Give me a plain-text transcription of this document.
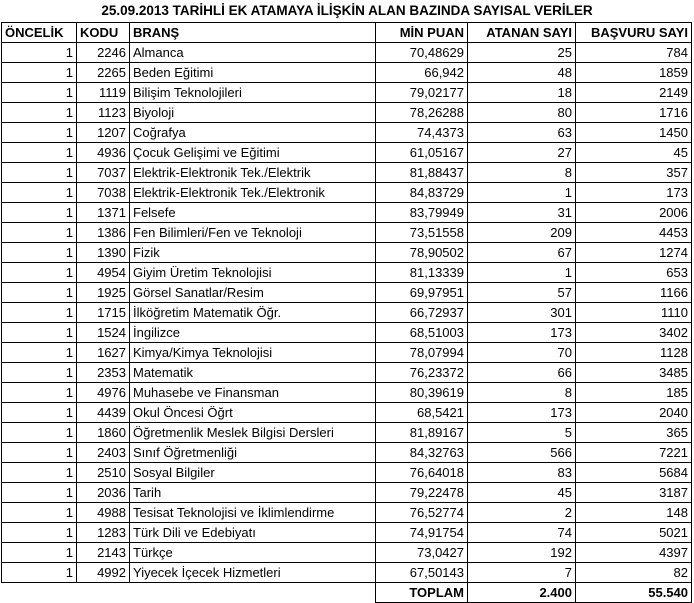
25.09.2013 TARİHLİ EK ATAMAYA İLİŞKİN ALAN BAZINDA SAYISAL VERİLER
ÖNCELİK	KODU	BRANŞ	MİN PUAN	ATANAN SAYI	BAŞVURU SAYI
1	2246	Almanca	70,48629	25	784
1	2265	Beden Eğitimi	66,942	48	1859
1	1119	Bilişim Teknolojileri	79,02177	18	2149
1	1123	Biyoloji	78,26288	80	1716
1	1207	Coğrafya	74,4373	63	1450
1	4936	Çocuk Gelişimi ve Eğitimi	61,05167	27	45
1	7037	Elektrik-Elektronik Tek./Elektrik	81,88437	8	357
1	7038	Elektrik-Elektronik Tek./Elektronik	84,83729	1	173
1	1371	Felsefe	83,79949	31	2006
1	1386	Fen Bilimleri/Fen ve Teknoloji	73,51558	209	4453
1	1390	Fizik	78,90502	67	1274
1	4954	Giyim Üretim Teknolojisi	81,13339	1	653
1	1925	Görsel Sanatlar/Resim	69,97951	57	1166
1	1715	İlköğretim Matematik Öğr.	66,72937	301	1110
1	1524	İngilizce	68,51003	173	3402
1	1627	Kimya/Kimya Teknolojisi	78,07994	70	1128
1	2353	Matematik	76,23372	66	3485
1	4976	Muhasebe ve Finansman	80,39619	8	185
1	4439	Okul Öncesi Öğrt	68,5421	173	2040
1	1860	Öğretmenlik Meslek Bilgisi Dersleri	81,89167	5	365
1	2403	Sınıf Öğretmenliği	84,32763	566	7221
1	2510	Sosyal Bilgiler	76,64018	83	5684
1	2036	Tarih	79,22478	45	3187
1	4988	Tesisat Teknolojisi ve İklimlendirme	76,52774	2	148
1	1283	Türk Dili ve Edebiyatı	74,91754	74	5021
1	2143	Türkçe	73,0427	192	4397
1	4992	Yiyecek İçecek Hizmetleri	67,50143	7	82
			TOPLAM	2.400	55.540
